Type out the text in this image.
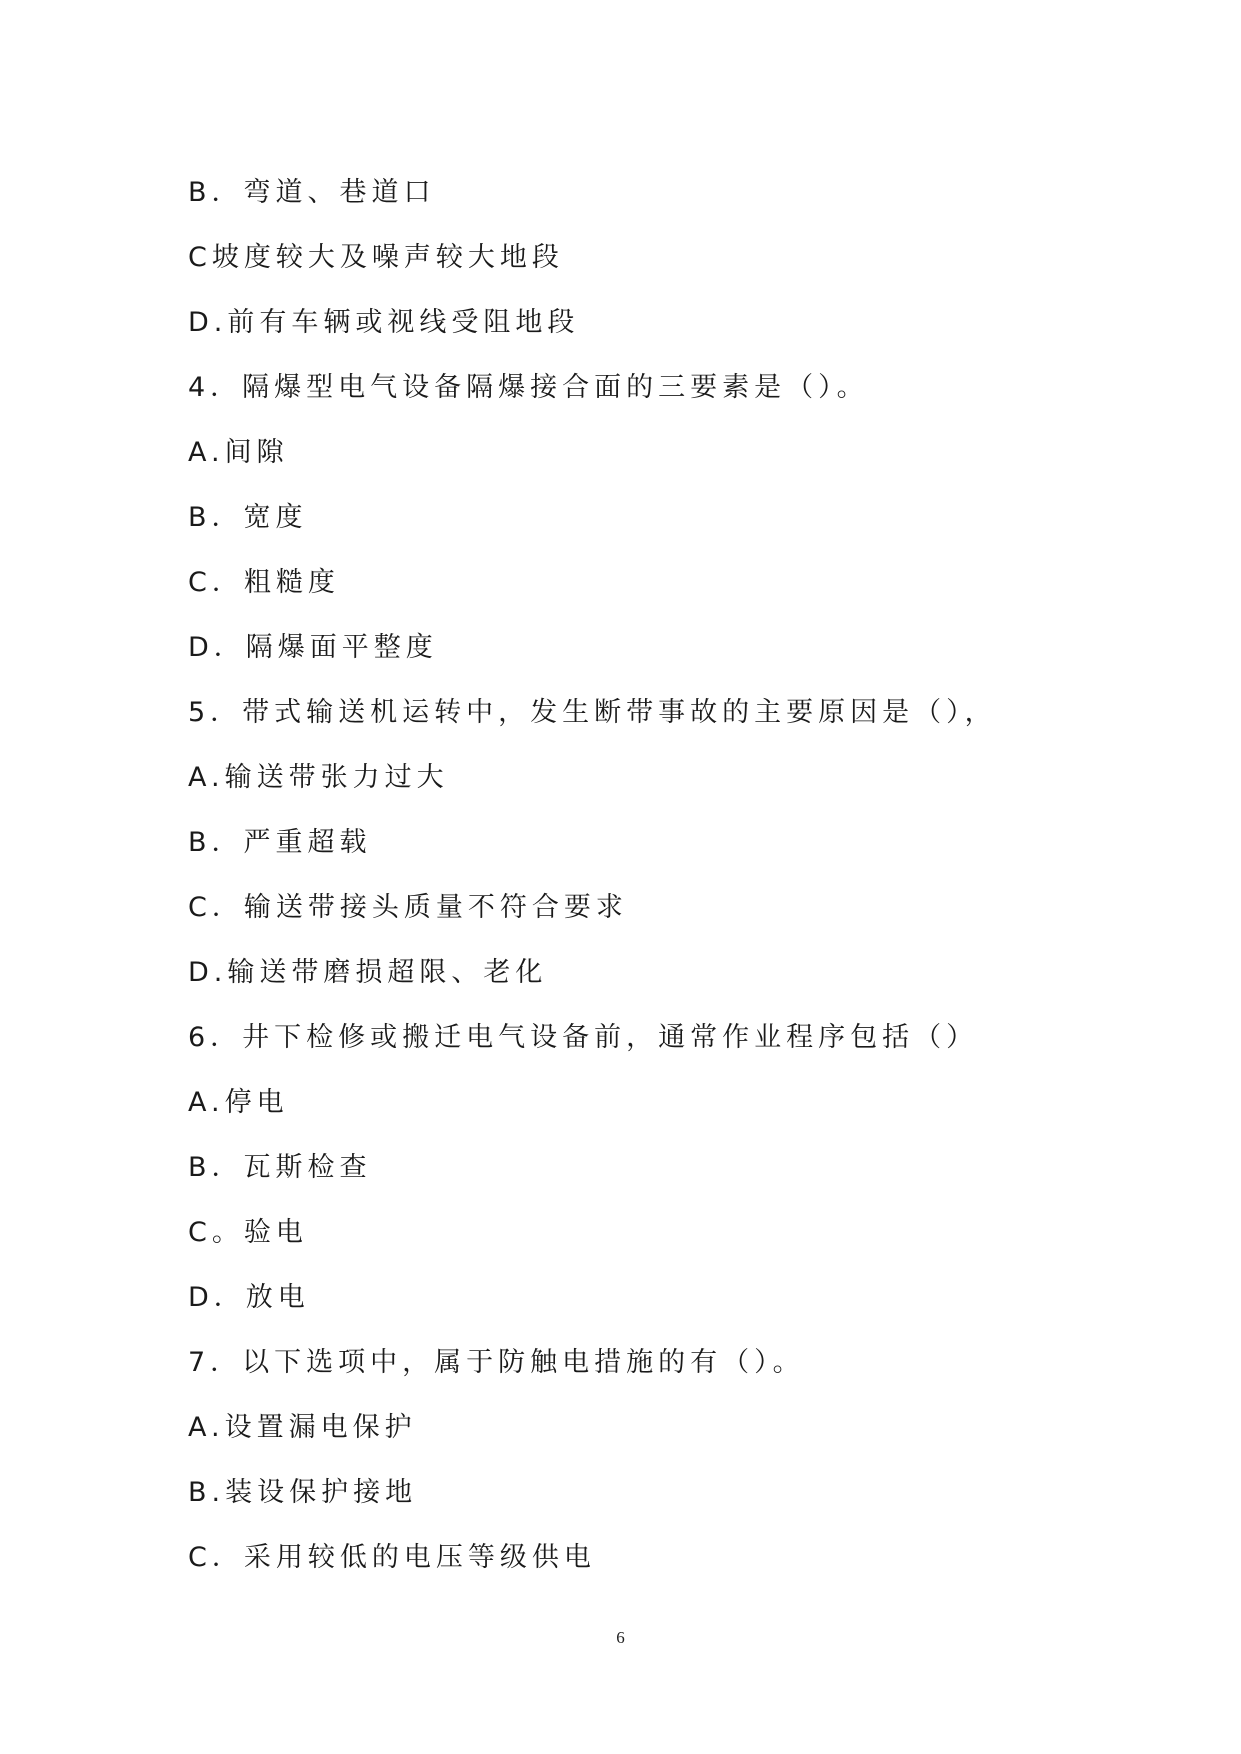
B．弯道、巷道口
C坡度较大及噪声较大地段
D.前有车辆或视线受阻地段
4．隔爆型电气设备隔爆接合面的三要素是（）。
A.间隙
B．宽度
C．粗糙度
D．隔爆面平整度
5．带式输送机运转中，发生断带事故的主要原因是（），
A.输送带张力过大
B．严重超载
C．输送带接头质量不符合要求
D.输送带磨损超限、老化
6．井下检修或搬迁电气设备前，通常作业程序包括（）
A.停电
B．瓦斯检查
C。验电
D．放电
7．以下选项中，属于防触电措施的有（）。
A.设置漏电保护
B.装设保护接地
C．采用较低的电压等级供电
6
